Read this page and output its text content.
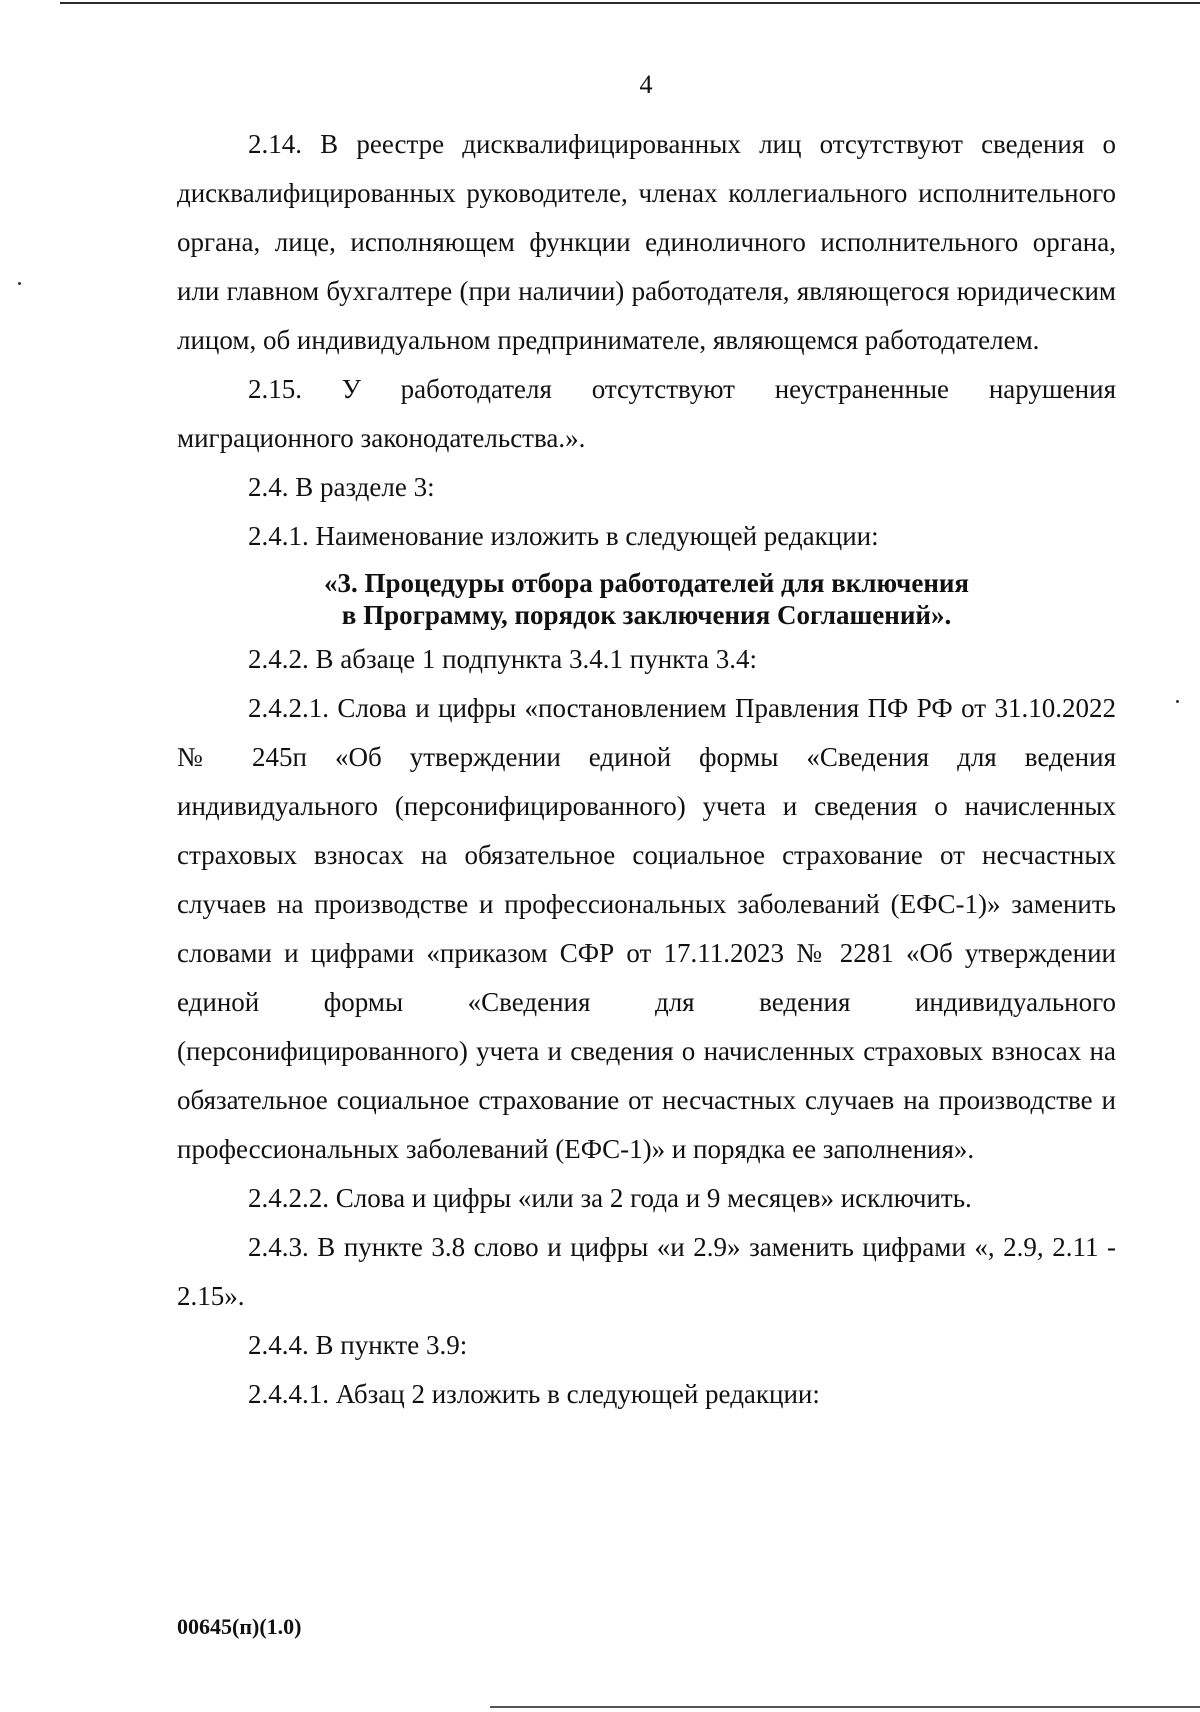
4

2.14. В реестре дисквалифицированных лиц отсутствуют сведения о дисквалифицированных руководителе, членах коллегиального исполнительного органа, лице, исполняющем функции единоличного исполнительного органа, или главном бухгалтере (при наличии) работодателя, являющегося юридическим лицом, об индивидуальном предпринимателе, являющемся работодателем.

2.15. У работодателя отсутствуют неустраненные нарушения миграционного законодательства.».

2.4. В разделе 3:

2.4.1. Наименование изложить в следующей редакции:

«3. Процедуры отбора работодателей для включения
в Программу, порядок заключения Соглашений».

2.4.2. В абзаце 1 подпункта 3.4.1 пункта 3.4:

2.4.2.1. Слова и цифры «постановлением Правления ПФ РФ от 31.10.2022 № 245п «Об утверждении единой формы «Сведения для ведения индивидуального (персонифицированного) учета и сведения о начисленных страховых взносах на обязательное социальное страхование от несчастных случаев на производстве и профессиональных заболеваний (ЕФС-1)» заменить словами и цифрами «приказом СФР от 17.11.2023 № 2281 «Об утверждении единой формы «Сведения для ведения индивидуального (персонифицированного) учета и сведения о начисленных страховых взносах на обязательное социальное страхование от несчастных случаев на производстве и профессиональных заболеваний (ЕФС-1)» и порядка ее заполнения».

2.4.2.2. Слова и цифры «или за 2 года и 9 месяцев» исключить.

2.4.3. В пункте 3.8 слово и цифры «и 2.9» заменить цифрами «, 2.9, 2.11 - 2.15».

2.4.4. В пункте 3.9:

2.4.4.1. Абзац 2 изложить в следующей редакции:

00645(п)(1.0)
